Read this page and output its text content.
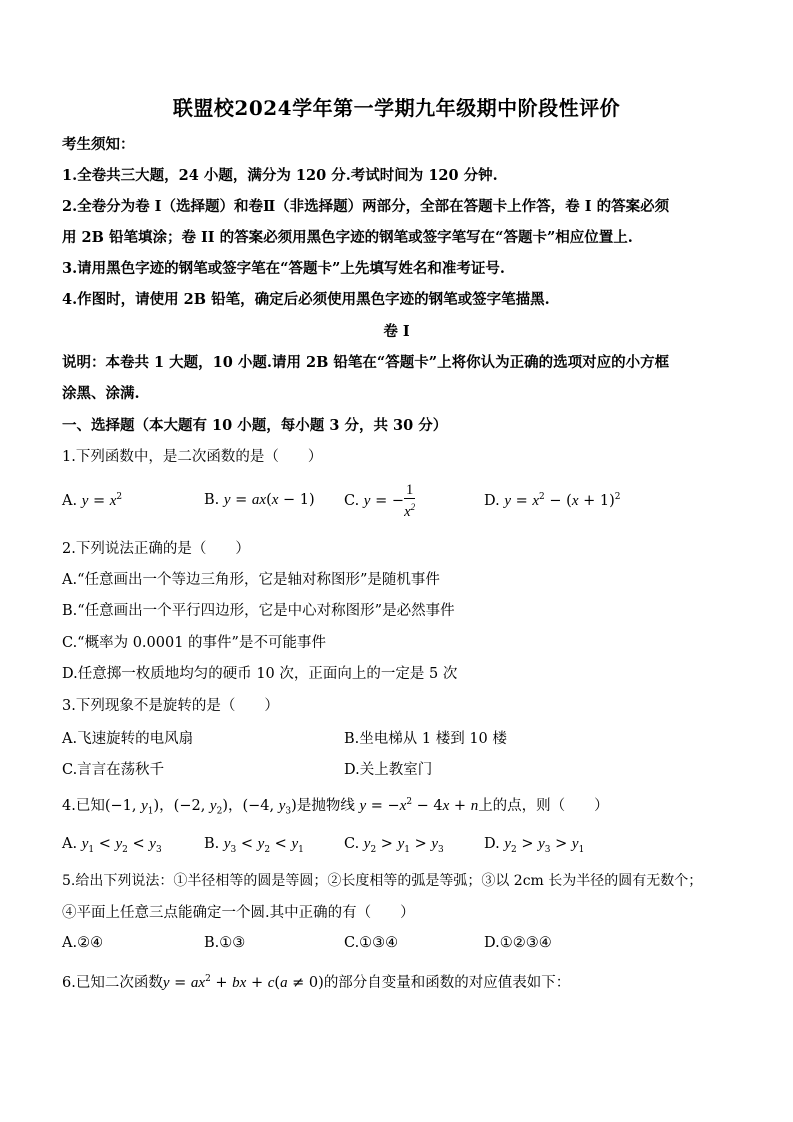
联盟校2024学年第一学期九年级期中阶段性评价
考生须知：
1.全卷共三大题，24 小题，满分为 120 分.考试时间为 120 分钟.
2.全卷分为卷 I（选择题）和卷Ⅱ（非选择题）两部分，全部在答题卡上作答，卷 I 的答案必须
用 2B 铅笔填涂；卷 II 的答案必须用黑色字迹的钢笔或签字笔写在“答题卡”相应位置上.
3.请用黑色字迹的钢笔或签字笔在“答题卡”上先填写姓名和准考证号.
4.作图时，请使用 2B 铅笔，确定后必须使用黑色字迹的钢笔或签字笔描黑.
卷 I
说明：本卷共 1 大题，10 小题.请用 2B 铅笔在“答题卡”上将你认为正确的选项对应的小方框
涂黑、涂满.
一、选择题（本大题有 10 小题，每小题 3 分，共 30 分）
1.下列函数中，是二次函数的是（　　）
A. $y = x^2$	B. y = ax(x − 1) C. y = − $\frac{1}{x^2}$	D. $y = x^2 - (x + 1)^2$
2.下列说法正确的是（　　）
A.“任意画出一个等边三角形，它是轴对称图形”是随机事件
B.“任意画出一个平行四边形，它是中心对称图形”是必然事件
C.“概率为 0.0001 的事件”是不可能事件
D.任意掷一枚质地均匀的硬币 10 次，正面向上的一定是 5 次
3.下列现象不是旋转的是（　　）
A.飞速旋转的电风扇	B.坐电梯从 1 楼到 10 楼
C.言言在荡秋千	D.关上教室门
4.已知(−1, $y_1$)，(−2, $y_2$)，(−4, $y_3$)是抛物线 $y = -x^2 - 4x + n$上的点，则（　　）
A. $y_1 < y_2 < y_3$	B. $y_3 < y_2 < y_1$	C. $y_2 > y_1 > y_3$	D. $y_2 > y_3 > y_1$
5.给出下列说法：①半径相等的圆是等圆；②长度相等的弧是等弧；③以 2cm 长为半径的圆有无数个；
④平面上任意三点能确定一个圆.其中正确的有（　　）
A.②④	B.①③	C.①③④	D.①②③④
6.已知二次函数$y = ax^2$ + bx + c(a ≠ 0)的部分自变量和函数的对应值表如下：
